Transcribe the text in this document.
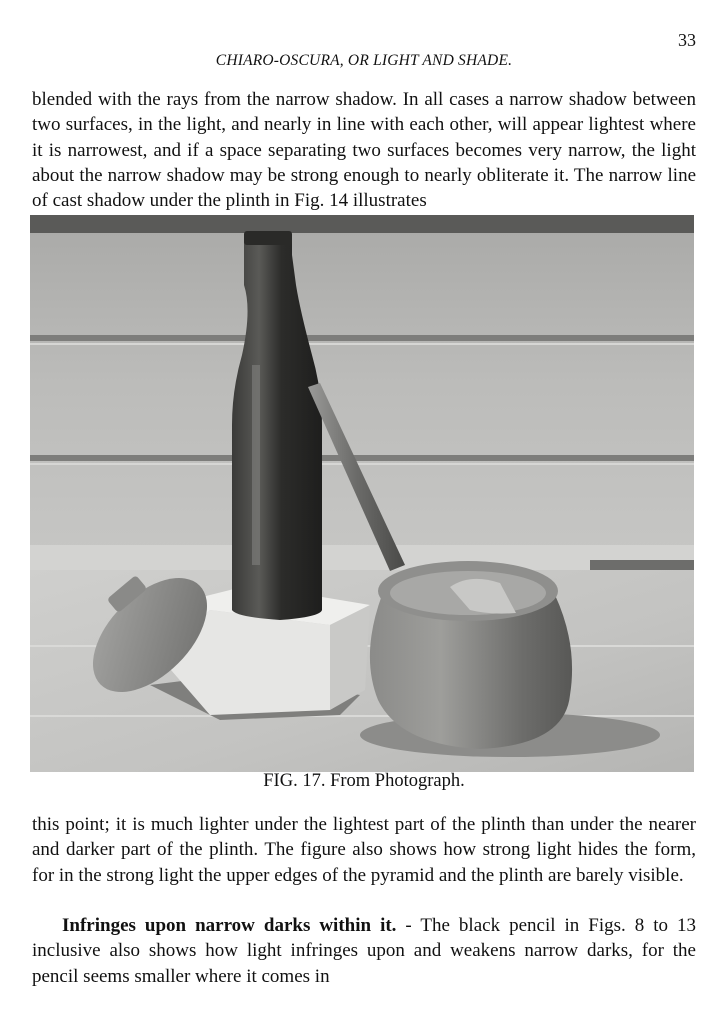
33
CHIARO-OSCURA, OR LIGHT AND SHADE.

blended with the rays from the narrow shadow. In all cases a narrow shadow between two surfaces, in the light, and nearly in line with each other, will appear lightest where it is narrowest, and if a space separating two surfaces becomes very narrow, the light about the narrow shadow may be strong enough to nearly obliterate it. The narrow line of cast shadow under the plinth in Fig. 14 illustrates

FIG. 17. From Photograph.

this point; it is much lighter under the lightest part of the plinth than under the nearer and darker part of the plinth. The figure also shows how strong light hides the form, for in the strong light the upper edges of the pyramid and the plinth are barely visible.

Infringes upon narrow darks within it. - The black pencil in Figs. 8 to 13 inclusive also shows how light infringes upon and weakens narrow darks, for the pencil seems smaller where it comes in
